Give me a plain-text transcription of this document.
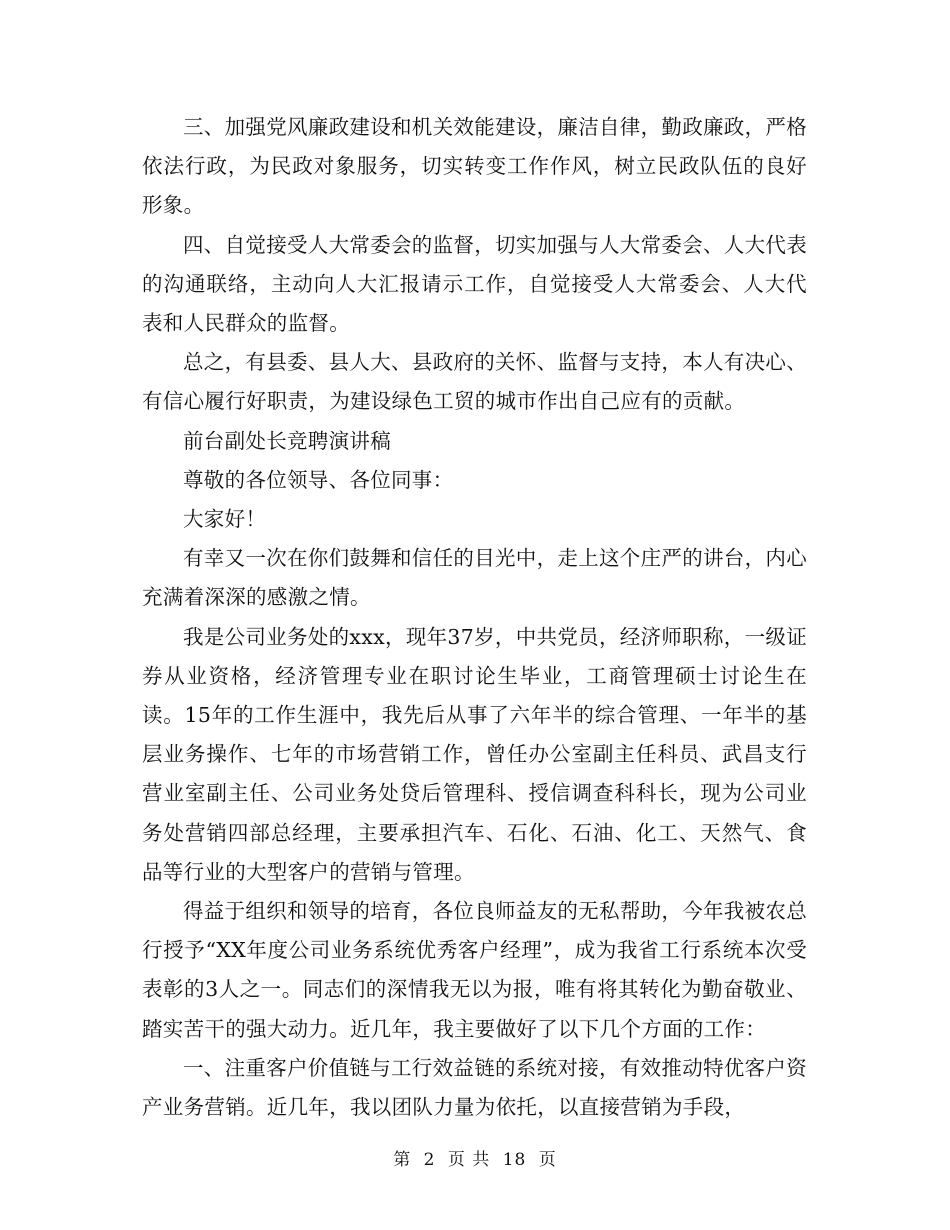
三、加强党风廉政建设和机关效能建设，廉洁自律，勤政廉政，严格依法行政，为民政对象服务，切实转变工作作风，树立民政队伍的良好形象。

四、自觉接受人大常委会的监督，切实加强与人大常委会、人大代表的沟通联络，主动向人大汇报请示工作，自觉接受人大常委会、人大代表和人民群众的监督。

总之，有县委、县人大、县政府的关怀、监督与支持，本人有决心、有信心履行好职责，为建设绿色工贸的城市作出自己应有的贡献。

前台副处长竞聘演讲稿

尊敬的各位领导、各位同事：

大家好！

有幸又一次在你们鼓舞和信任的目光中，走上这个庄严的讲台，内心充满着深深的感激之情。

我是公司业务处的xxx，现年37岁，中共党员，经济师职称，一级证券从业资格，经济管理专业在职讨论生毕业，工商管理硕士讨论生在读。15年的工作生涯中，我先后从事了六年半的综合管理、一年半的基层业务操作、七年的市场营销工作，曾任办公室副主任科员、武昌支行营业室副主任、公司业务处贷后管理科、授信调查科科长，现为公司业务处营销四部总经理，主要承担汽车、石化、石油、化工、天然气、食品等行业的大型客户的营销与管理。

得益于组织和领导的培育，各位良师益友的无私帮助，今年我被农总行授予“XX年度公司业务系统优秀客户经理”，成为我省工行系统本次受表彰的3人之一。同志们的深情我无以为报，唯有将其转化为勤奋敬业、踏实苦干的强大动力。近几年，我主要做好了以下几个方面的工作：

一、注重客户价值链与工行效益链的系统对接，有效推动特优客户资产业务营销。近几年，我以团队力量为依托，以直接营销为手段，

第 2 页 共 18 页
